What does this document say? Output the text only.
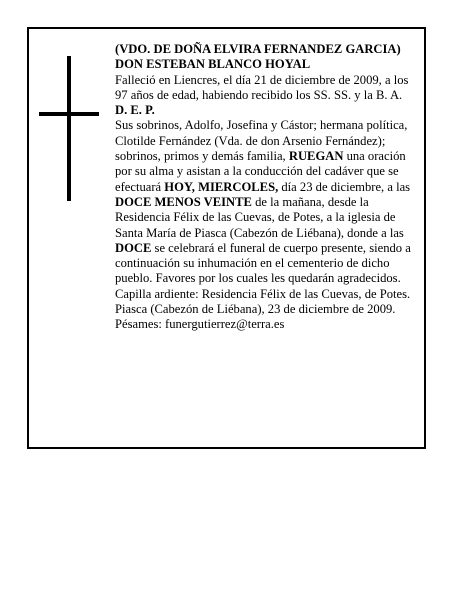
(VDO. DE DOÑA ELVIRA FERNANDEZ GARCIA)

DON ESTEBAN BLANCO HOYAL

Falleció en Liencres, el día 21 de diciembre de 2009, a los 97 años de edad, habiendo recibido los SS. SS. y la B. A.

D. E. P.

Sus sobrinos, Adolfo, Josefina y Cástor; hermana política, Clotilde Fernández (Vda. de don Arsenio Fernández); sobrinos, primos y demás familia, RUEGAN una oración por su alma y asistan a la conducción del cadáver que se efectuará HOY, MIERCOLES, día 23 de diciembre, a las DOCE MENOS VEINTE de la mañana, desde la Residencia Félix de las Cuevas, de Potes, a la iglesia de Santa María de Piasca (Cabezón de Liébana), donde a las DOCE se celebrará el funeral de cuerpo presente, siendo a continuación su inhumación en el cementerio de dicho pueblo. Favores por los cuales les quedarán agradecidos. Capilla ardiente: Residencia Félix de las Cuevas, de Potes.

Piasca (Cabezón de Liébana), 23 de diciembre de 2009.

Pésames: funergutierrez@terra.es
